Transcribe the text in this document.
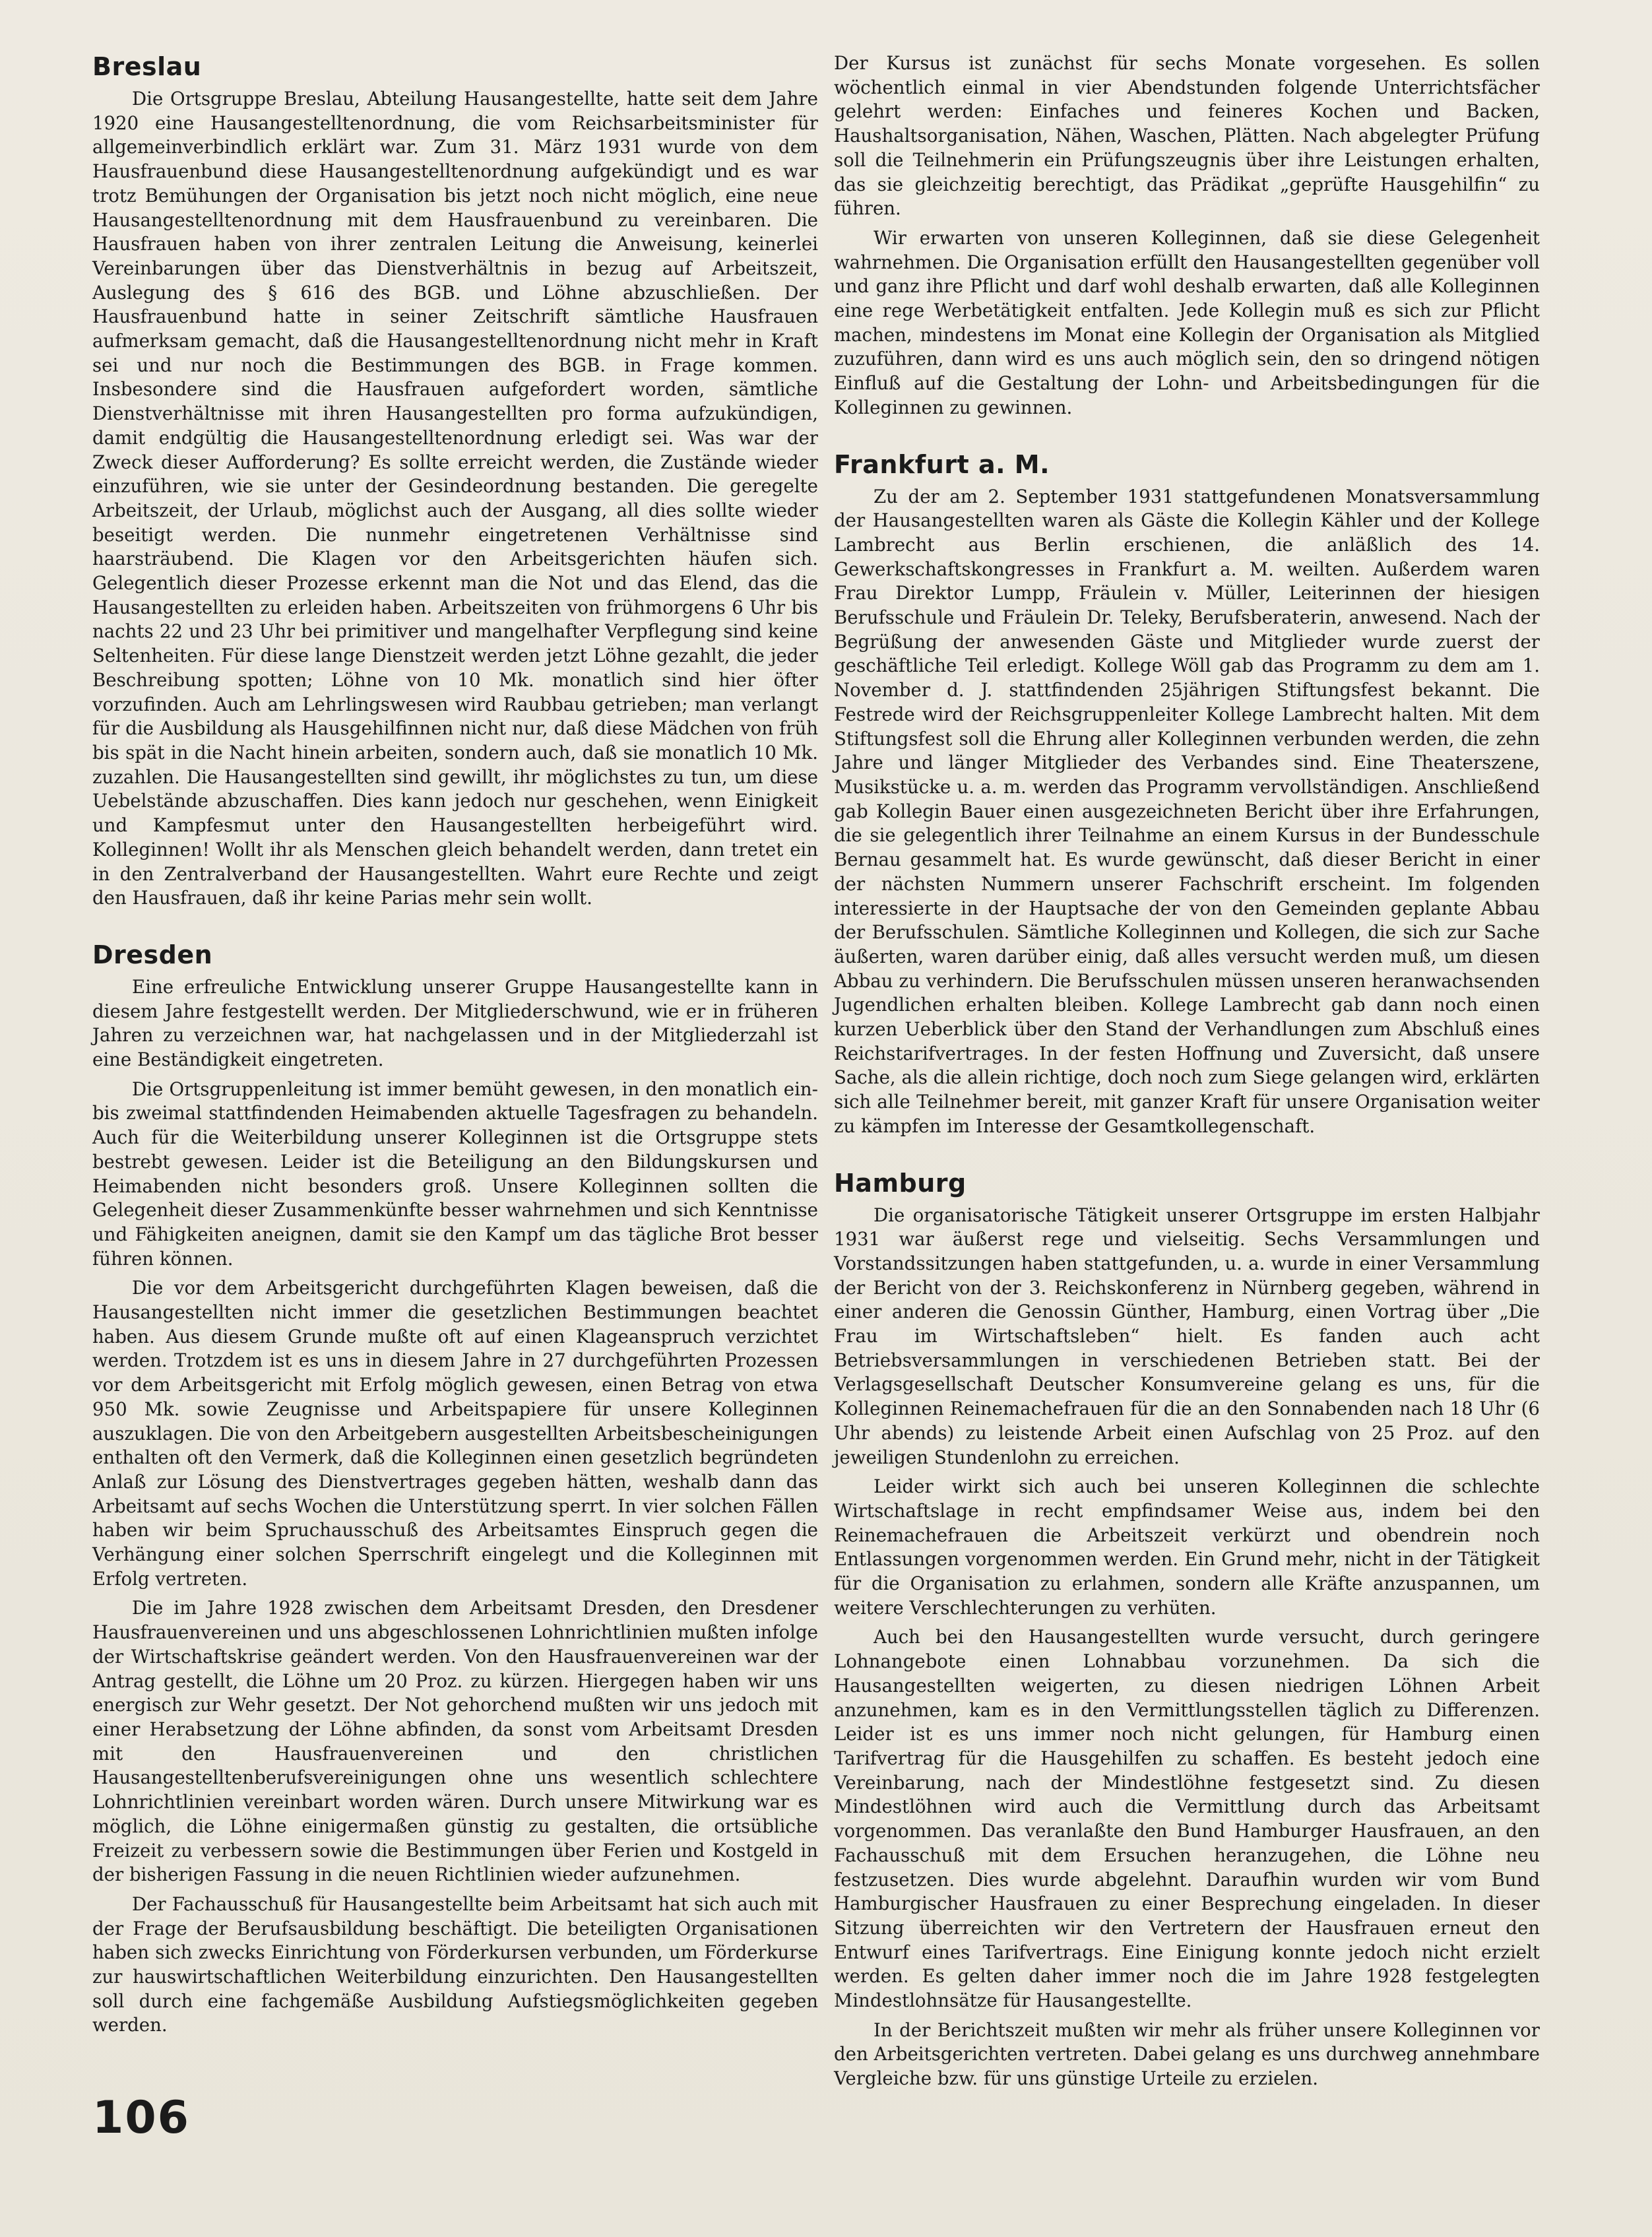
Breslau

Die Ortsgruppe Breslau, Abteilung Hausangestellte, hatte seit dem Jahre 1920 eine Hausangestelltenordnung, die vom Reichsarbeitsminister für allgemeinverbindlich erklärt war. Zum 31. März 1931 wurde von dem Hausfrauenbund diese Hausangestelltenordnung aufgekündigt und es war trotz Bemühungen der Organisation bis jetzt noch nicht möglich, eine neue Hausangestelltenordnung mit dem Hausfrauenbund zu vereinbaren. Die Hausfrauen haben von ihrer zentralen Leitung die Anweisung, keinerlei Vereinbarungen über das Dienstverhältnis in bezug auf Arbeitszeit, Auslegung des § 616 des BGB. und Löhne abzuschließen. Der Hausfrauenbund hatte in seiner Zeitschrift sämtliche Hausfrauen aufmerksam gemacht, daß die Hausangestelltenordnung nicht mehr in Kraft sei und nur noch die Bestimmungen des BGB. in Frage kommen. Insbesondere sind die Hausfrauen aufgefordert worden, sämtliche Dienstverhältnisse mit ihren Hausangestellten pro forma aufzukündigen, damit endgültig die Hausangestelltenordnung erledigt sei. Was war der Zweck dieser Aufforderung? Es sollte erreicht werden, die Zustände wieder einzuführen, wie sie unter der Gesindeordnung bestanden. Die geregelte Arbeitszeit, der Urlaub, möglichst auch der Ausgang, all dies sollte wieder beseitigt werden. Die nunmehr eingetretenen Verhältnisse sind haarsträubend. Die Klagen vor den Arbeitsgerichten häufen sich. Gelegentlich dieser Prozesse erkennt man die Not und das Elend, das die Hausangestellten zu erleiden haben. Arbeitszeiten von frühmorgens 6 Uhr bis nachts 22 und 23 Uhr bei primitiver und mangelhafter Verpflegung sind keine Seltenheiten. Für diese lange Dienstzeit werden jetzt Löhne gezahlt, die jeder Beschreibung spotten; Löhne von 10 Mk. monatlich sind hier öfter vorzufinden. Auch am Lehrlingswesen wird Raubbau getrieben; man verlangt für die Ausbildung als Hausgehilfinnen nicht nur, daß diese Mädchen von früh bis spät in die Nacht hinein arbeiten, sondern auch, daß sie monatlich 10 Mk. zuzahlen. Die Hausangestellten sind gewillt, ihr möglichstes zu tun, um diese Uebelstände abzuschaffen. Dies kann jedoch nur geschehen, wenn Einigkeit und Kampfesmut unter den Hausangestellten herbeigeführt wird. Kolleginnen! Wollt ihr als Menschen gleich behandelt werden, dann tretet ein in den Zentralverband der Hausangestellten. Wahrt eure Rechte und zeigt den Hausfrauen, daß ihr keine Parias mehr sein wollt.

Dresden

Eine erfreuliche Entwicklung unserer Gruppe Hausangestellte kann in diesem Jahre festgestellt werden. Der Mitgliederschwund, wie er in früheren Jahren zu verzeichnen war, hat nachgelassen und in der Mitgliederzahl ist eine Beständigkeit eingetreten.

Die Ortsgruppenleitung ist immer bemüht gewesen, in den monatlich ein- bis zweimal stattfindenden Heimabenden aktuelle Tagesfragen zu behandeln. Auch für die Weiterbildung unserer Kolleginnen ist die Ortsgruppe stets bestrebt gewesen. Leider ist die Beteiligung an den Bildungskursen und Heimabenden nicht besonders groß. Unsere Kolleginnen sollten die Gelegenheit dieser Zusammenkünfte besser wahrnehmen und sich Kenntnisse und Fähigkeiten aneignen, damit sie den Kampf um das tägliche Brot besser führen können.

Die vor dem Arbeitsgericht durchgeführten Klagen beweisen, daß die Hausangestellten nicht immer die gesetzlichen Bestimmungen beachtet haben. Aus diesem Grunde mußte oft auf einen Klageanspruch verzichtet werden. Trotzdem ist es uns in diesem Jahre in 27 durchgeführten Prozessen vor dem Arbeitsgericht mit Erfolg möglich gewesen, einen Betrag von etwa 950 Mk. sowie Zeugnisse und Arbeitspapiere für unsere Kolleginnen auszuklagen. Die von den Arbeitgebern ausgestellten Arbeitsbescheinigungen enthalten oft den Vermerk, daß die Kolleginnen einen gesetzlich begründeten Anlaß zur Lösung des Dienstvertrages gegeben hätten, weshalb dann das Arbeitsamt auf sechs Wochen die Unterstützung sperrt. In vier solchen Fällen haben wir beim Spruchausschuß des Arbeitsamtes Einspruch gegen die Verhängung einer solchen Sperrschrift eingelegt und die Kolleginnen mit Erfolg vertreten.

Die im Jahre 1928 zwischen dem Arbeitsamt Dresden, den Dresdener Hausfrauenvereinen und uns abgeschlossenen Lohnrichtlinien mußten infolge der Wirtschaftskrise geändert werden. Von den Hausfrauenvereinen war der Antrag gestellt, die Löhne um 20 Proz. zu kürzen. Hiergegen haben wir uns energisch zur Wehr gesetzt. Der Not gehorchend mußten wir uns jedoch mit einer Herabsetzung der Löhne abfinden, da sonst vom Arbeitsamt Dresden mit den Hausfrauenvereinen und den christlichen Hausangestelltenberufsvereinigungen ohne uns wesentlich schlechtere Lohnrichtlinien vereinbart worden wären. Durch unsere Mitwirkung war es möglich, die Löhne einigermaßen günstig zu gestalten, die ortsübliche Freizeit zu verbessern sowie die Bestimmungen über Ferien und Kostgeld in der bisherigen Fassung in die neuen Richtlinien wieder aufzunehmen.

Der Fachausschuß für Hausangestellte beim Arbeitsamt hat sich auch mit der Frage der Berufsausbildung beschäftigt. Die beteiligten Organisationen haben sich zwecks Einrichtung von Förderkursen verbunden, um Förderkurse zur hauswirtschaftlichen Weiterbildung einzurichten. Den Hausangestellten soll durch eine fachgemäße Ausbildung Aufstiegsmöglichkeiten gegeben werden.

Der Kursus ist zunächst für sechs Monate vorgesehen. Es sollen wöchentlich einmal in vier Abendstunden folgende Unterrichtsfächer gelehrt werden: Einfaches und feineres Kochen und Backen, Haushaltsorganisation, Nähen, Waschen, Plätten. Nach abgelegter Prüfung soll die Teilnehmerin ein Prüfungszeugnis über ihre Leistungen erhalten, das sie gleichzeitig berechtigt, das Prädikat „geprüfte Hausgehilfin“ zu führen.

Wir erwarten von unseren Kolleginnen, daß sie diese Gelegenheit wahrnehmen. Die Organisation erfüllt den Hausangestellten gegenüber voll und ganz ihre Pflicht und darf wohl deshalb erwarten, daß alle Kolleginnen eine rege Werbetätigkeit entfalten. Jede Kollegin muß es sich zur Pflicht machen, mindestens im Monat eine Kollegin der Organisation als Mitglied zuzuführen, dann wird es uns auch möglich sein, den so dringend nötigen Einfluß auf die Gestaltung der Lohn- und Arbeitsbedingungen für die Kolleginnen zu gewinnen.

Frankfurt a. M.

Zu der am 2. September 1931 stattgefundenen Monatsversammlung der Hausangestellten waren als Gäste die Kollegin Kähler und der Kollege Lambrecht aus Berlin erschienen, die anläßlich des 14. Gewerkschaftskongresses in Frankfurt a. M. weilten. Außerdem waren Frau Direktor Lumpp, Fräulein v. Müller, Leiterinnen der hiesigen Berufsschule und Fräulein Dr. Teleky, Berufsberaterin, anwesend. Nach der Begrüßung der anwesenden Gäste und Mitglieder wurde zuerst der geschäftliche Teil erledigt. Kollege Wöll gab das Programm zu dem am 1. November d. J. stattfindenden 25jährigen Stiftungsfest bekannt. Die Festrede wird der Reichsgruppenleiter Kollege Lambrecht halten. Mit dem Stiftungsfest soll die Ehrung aller Kolleginnen verbunden werden, die zehn Jahre und länger Mitglieder des Verbandes sind. Eine Theaterszene, Musikstücke u. a. m. werden das Programm vervollständigen. Anschließend gab Kollegin Bauer einen ausgezeichneten Bericht über ihre Erfahrungen, die sie gelegentlich ihrer Teilnahme an einem Kursus in der Bundesschule Bernau gesammelt hat. Es wurde gewünscht, daß dieser Bericht in einer der nächsten Nummern unserer Fachschrift erscheint. Im folgenden interessierte in der Hauptsache der von den Gemeinden geplante Abbau der Berufsschulen. Sämtliche Kolleginnen und Kollegen, die sich zur Sache äußerten, waren darüber einig, daß alles versucht werden muß, um diesen Abbau zu verhindern. Die Berufsschulen müssen unseren heranwachsenden Jugendlichen erhalten bleiben. Kollege Lambrecht gab dann noch einen kurzen Ueberblick über den Stand der Verhandlungen zum Abschluß eines Reichstarifvertrages. In der festen Hoffnung und Zuversicht, daß unsere Sache, als die allein richtige, doch noch zum Siege gelangen wird, erklärten sich alle Teilnehmer bereit, mit ganzer Kraft für unsere Organisation weiter zu kämpfen im Interesse der Gesamtkollegenschaft.

Hamburg

Die organisatorische Tätigkeit unserer Ortsgruppe im ersten Halbjahr 1931 war äußerst rege und vielseitig. Sechs Versammlungen und Vorstandssitzungen haben stattgefunden, u. a. wurde in einer Versammlung der Bericht von der 3. Reichskonferenz in Nürnberg gegeben, während in einer anderen die Genossin Günther, Hamburg, einen Vortrag über „Die Frau im Wirtschaftsleben“ hielt. Es fanden auch acht Betriebsversammlungen in verschiedenen Betrieben statt. Bei der Verlagsgesellschaft Deutscher Konsumvereine gelang es uns, für die Kolleginnen Reinemachefrauen für die an den Sonnabenden nach 18 Uhr (6 Uhr abends) zu leistende Arbeit einen Aufschlag von 25 Proz. auf den jeweiligen Stundenlohn zu erreichen.

Leider wirkt sich auch bei unseren Kolleginnen die schlechte Wirtschaftslage in recht empfindsamer Weise aus, indem bei den Reinemachefrauen die Arbeitszeit verkürzt und obendrein noch Entlassungen vorgenommen werden. Ein Grund mehr, nicht in der Tätigkeit für die Organisation zu erlahmen, sondern alle Kräfte anzuspannen, um weitere Verschlechterungen zu verhüten.

Auch bei den Hausangestellten wurde versucht, durch geringere Lohnangebote einen Lohnabbau vorzunehmen. Da sich die Hausangestellten weigerten, zu diesen niedrigen Löhnen Arbeit anzunehmen, kam es in den Vermittlungsstellen täglich zu Differenzen. Leider ist es uns immer noch nicht gelungen, für Hamburg einen Tarifvertrag für die Hausgehilfen zu schaffen. Es besteht jedoch eine Vereinbarung, nach der Mindestlöhne festgesetzt sind. Zu diesen Mindestlöhnen wird auch die Vermittlung durch das Arbeitsamt vorgenommen. Das veranlaßte den Bund Hamburger Hausfrauen, an den Fachausschuß mit dem Ersuchen heranzugehen, die Löhne neu festzusetzen. Dies wurde abgelehnt. Daraufhin wurden wir vom Bund Hamburgischer Hausfrauen zu einer Besprechung eingeladen. In dieser Sitzung überreichten wir den Vertretern der Hausfrauen erneut den Entwurf eines Tarifvertrags. Eine Einigung konnte jedoch nicht erzielt werden. Es gelten daher immer noch die im Jahre 1928 festgelegten Mindestlohnsätze für Hausangestellte.

In der Berichtszeit mußten wir mehr als früher unsere Kolleginnen vor den Arbeitsgerichten vertreten. Dabei gelang es uns durchweg annehmbare Vergleiche bzw. für uns günstige Urteile zu erzielen.

106
